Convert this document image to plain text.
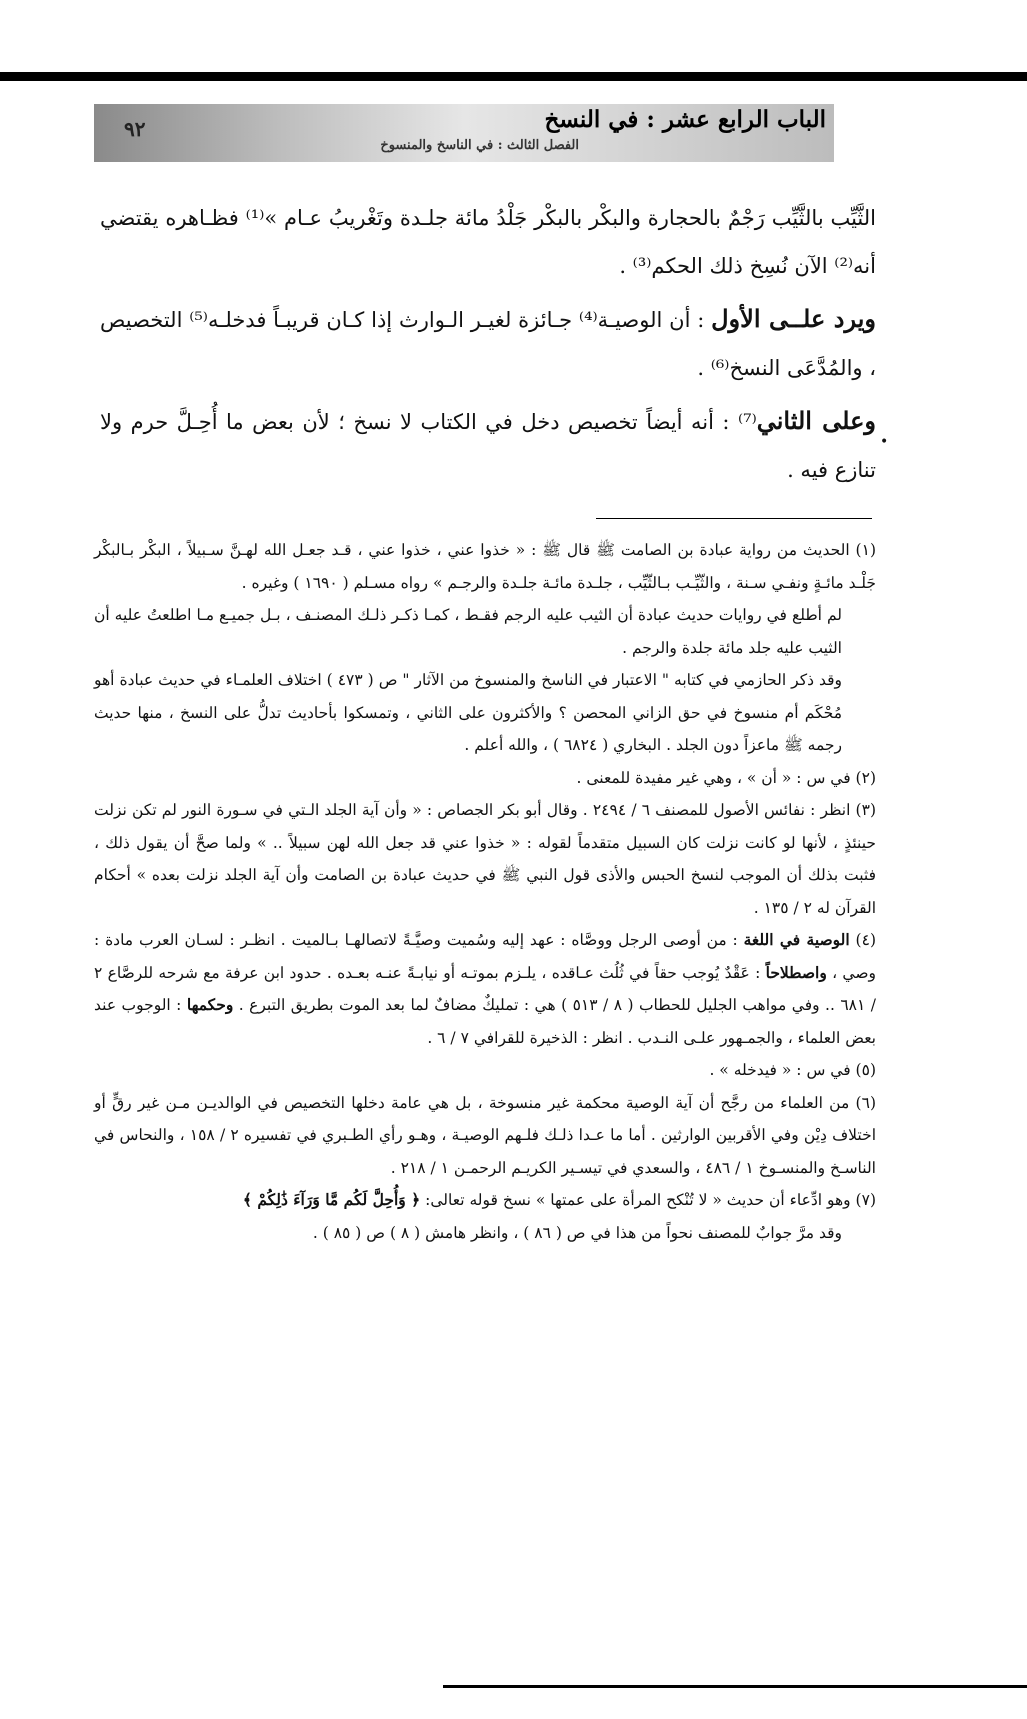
٩٢	الباب الرابع عشر : في النسخ
الفصل الثالث : في الناسخ والمنسوخ

الثَّيِّب بالثَّيِّب رَجْمٌ بالحجارة والبكْر بالبكْر جَلْدُ مائة جلـدة وتَغْريبُ عـام »⁽¹⁾ فظـاهره يقتضي أنه⁽²⁾ الآن نُسِخ ذلك الحكم⁽³⁾ .

ويرد علــى الأول : أن الوصيـة⁽⁴⁾ جـائزة لغيـر الـوارث إذا كـان قريبـاً فدخلـه⁽⁵⁾ التخصيص ، والمُدَّعَى النسخ⁽⁶⁾ .

وعلى الثاني⁽⁷⁾ : أنه أيضاً تخصيص دخل في الكتاب لا نسخ ؛ لأن بعض ما أُحِـلَّ حرم ولا تنازع فيه .

•

(١) الحديث من رواية عبادة بن الصامت ﷺ قال ﷺ : « خذوا عني ، خذوا عني ، قـد جعـل الله لهـنَّ سـبيلاً ، البكْر بـالبكْر جَلْـد مائـةٍ ونفـي سـنة ، والثّيِّـب بـالثّيِّب ، جلـدة مائـة جلـدة والرجـم » رواه مسـلم ( ١٦٩٠ ) وغيره .

لم أطلع في روايات حديث عبادة أن الثيب عليه الرجم فقـط ، كمـا ذكـر ذلـك المصنـف ، بـل جميـع مـا اطلعتُ عليه أن الثيب عليه جلد مائة جلدة والرجم .

وقد ذكر الحازمي في كتابه " الاعتبار في الناسخ والمنسوخ من الآثار " ص ( ٤٧٣ ) اختلاف العلمـاء في حديث عبادة أهو مُحْكَم أم منسوخ في حق الزاني المحصن ؟ والأكثرون على الثاني ، وتمسكوا بأحاديث تدلُّ على النسخ ، منها حديث رجمه ﷺ ماعزاً دون الجلد . البخاري ( ٦٨٢٤ ) ، والله أعلم .

(٢) في س : « أن » ، وهي غير مفيدة للمعنى .

(٣) انظر : نفائس الأصول للمصنف ٦ / ٢٤٩٤ . وقال أبو بكر الجصاص : « وأن آية الجلد الـتي في سـورة النور لم تكن نزلت حينئذٍ ، لأنها لو كانت نزلت كان السبيل متقدماً لقوله : « خذوا عني قد جعل الله لهن سبيلاً .. » ولما صحَّ أن يقول ذلك ، فثبت بذلك أن الموجب لنسخ الحبس والأذى قول النبي ﷺ في حديث عبادة بن الصامت وأن آية الجلد نزلت بعده » أحكام القرآن له ٢ / ١٣٥ .

(٤) الوصية في اللغة : من أوصى الرجل ووصَّاه : عهد إليه وسُميت وصيَّـةً لاتصالهـا بـالميت . انظـر : لسـان العرب مادة : وصي ، واصطلاحاً : عَقْدٌ يُوجب حقاً في ثُلُث عـاقده ، يلـزم بموتـه أو نيابـةً عنـه بعـده . حدود ابن عرفة مع شرحه للرصَّاع ٢ / ٦٨١ .. وفي مواهب الجليل للحطاب ( ٨ / ٥١٣ ) هي : تمليكٌ مضافٌ لما بعد الموت بطريق التبرع . وحكمها : الوجوب عند بعض العلماء ، والجمـهور علـى النـدب . انظر : الذخيرة للقرافي ٧ / ٦ .

(٥) في س : « فيدخله » .

(٦) من العلماء من رجَّح أن آية الوصية محكمة غير منسوخة ، بل هي عامة دخلها التخصيص في الوالديـن مـن غير رقٍّ أو اختلاف دِيْن وفي الأقربين الوارثين . أما ما عـدا ذلـك فلـهم الوصيـة ، وهـو رأي الطـبري في تفسيره ٢ / ١٥٨ ، والنحاس في الناسـخ والمنسـوخ ١ / ٤٨٦ ، والسعدي في تيسـير الكريـم الرحمـن ١ / ٢١٨ .

(٧) وهو ادِّعاء أن حديث « لا تُنْكح المرأة على عمتها » نسخ قوله تعالى: ﴿ وَأُحِلَّ لَكُم مَّا وَرَآءَ ذَٰلِكُمْ ﴾

وقد مرَّ جوابٌ للمصنف نحواً من هذا في ص ( ٨٦ ) ، وانظر هامش ( ٨ ) ص ( ٨٥ ) .
